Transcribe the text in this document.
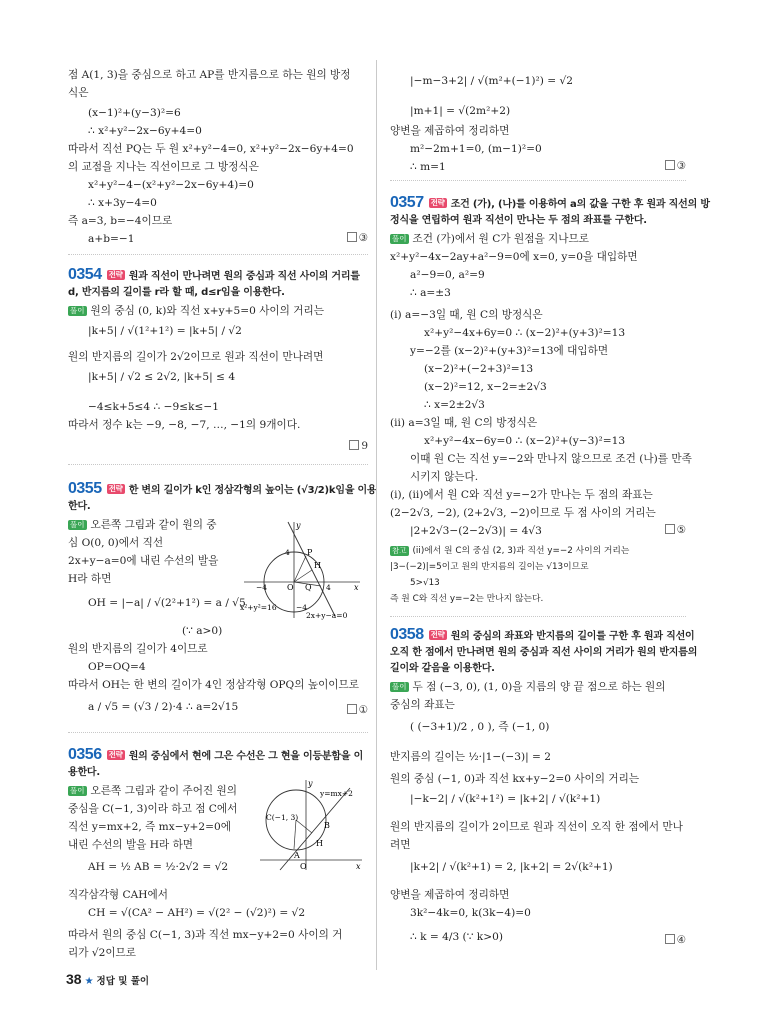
점 A(1, 3)을 중심으로 하고 AP를 반지름으로 하는 원의 방정
식은
(x−1)²+(y−3)²=6
∴ x²+y²−2x−6y+4=0
따라서 직선 PQ는 두 원 x²+y²−4=0, x²+y²−2x−6y+4=0
의 교점을 지나는 직선이므로 그 방정식은
x²+y²−4−(x²+y²−2x−6y+4)=0
∴ x+3y−4=0
즉 a=3, b=−4이므로
a+b=−1
d, 반지름의 길이를 r라 할 때, d≤r임을 이용한다.
풀이 원의 중심 (0, k)와 직선 x+y+5=0 사이의 거리는
|k+5| / √(1²+1²) = |k+5| / √2
원의 반지름의 길이가 2√2이므로 원과 직선이 만나려면
|k+5| / √2 ≤ 2√2, |k+5| ≤ 4
−4≤k+5≤4 ∴ −9≤k≤−1
따라서 정수 k는 −9, −8, −7, …, −1의 9개이다.
한다.
풀이 오른쪽 그림과 같이 원의 중
심 O(0, 0)에서 직선
2x+y−a=0에 내린 수선의 발을
H라 하면
OH = |−a| / √(2²+1²) = a / √5
(∵ a>0)
원의 반지름의 길이가 4이므로
OP=OQ=4
따라서 OH는 한 변의 길이가 4인 정삼각형 OPQ의 높이이므로
a / √5 = (√3 / 2)·4 ∴ a=2√15
용한다.
풀이 오른쪽 그림과 같이 주어진 원의
중심을 C(−1, 3)이라 하고 점 C에서
직선 y=mx+2, 즉 mx−y+2=0에
내린 수선의 발을 H라 하면
AH = ½ AB = ½·2√2 = √2
직각삼각형 CAH에서
CH = √(CA² − AH²) = √(2² − (√2)²) = √2
따라서 원의 중심 C(−1, 3)과 직선 mx−y+2=0 사이의 거
리가 √2이므로
0354 전략 원과 직선이 만나려면 원의 중심과 직선 사이의 거리를
9
0355 전략 한 변의 길이가 k인 정삼각형의 높이는 (√3/2)k임을 이용
①
0356 전략 원의 중심에서 현에 그은 수선은 그 현을 이등분함을 이
③
|−m−3+2| / √(m²+(−1)²) = √2
|m+1| = √(2m²+2)
양변을 제곱하여 정리하면
m²−2m+1=0, (m−1)²=0
∴ m=1
정식을 연립하여 원과 직선이 만나는 두 점의 좌표를 구한다.
풀이 조건 (가)에서 원 C가 원점을 지나므로
x²+y²−4x−2ay+a²−9=0에 x=0, y=0을 대입하면
a²−9=0, a²=9
∴ a=±3
(i) a=−3일 때, 원 C의 방정식은
x²+y²−4x+6y=0 ∴ (x−2)²+(y+3)²=13
y=−2를 (x−2)²+(y+3)²=13에 대입하면
(x−2)²+(−2+3)²=13
(x−2)²=12, x−2=±2√3
∴ x=2±2√3
(ii) a=3일 때, 원 C의 방정식은
x²+y²−4x−6y=0 ∴ (x−2)²+(y−3)²=13
이때 원 C는 직선 y=−2와 만나지 않으므로 조건 (나)를 만족
시키지 않는다.
(i), (ii)에서 원 C와 직선 y=−2가 만나는 두 점의 좌표는
(2−2√3, −2), (2+2√3, −2)이므로 두 점 사이의 거리는
|2+2√3−(2−2√3)| = 4√3
참고 (ii)에서 원 C의 중심 (2, 3)과 직선 y=−2 사이의 거리는
|3−(−2)|=5이고 원의 반지름의 길이는 √13이므로
5>√13
즉 원 C와 직선 y=−2는 만나지 않는다.
오직 한 점에서 만나려면 원의 중심과 직선 사이의 거리가 원의 반지름의
길이와 같음을 이용한다.
풀이 두 점 (−3, 0), (1, 0)을 지름의 양 끝 점으로 하는 원의
중심의 좌표는
( (−3+1)/2 , 0 ), 즉 (−1, 0)
반지름의 길이는 ½·|1−(−3)| = 2
원의 중심 (−1, 0)과 직선 kx+y−2=0 사이의 거리는
|−k−2| / √(k²+1²) = |k+2| / √(k²+1)
원의 반지름의 길이가 2이므로 원과 직선이 오직 한 점에서 만나
려면
|k+2| / √(k²+1) = 2, |k+2| = 2√(k²+1)
양변을 제곱하여 정리하면
3k²−4k=0, k(3k−4)=0
∴ k = 4/3 (∵ k>0)
0357 전략 조건 (가), (나)를 이용하여 a의 값을 구한 후 원과 직선의 방
⑤
0358 전략 원의 중심의 좌표와 반지름의 길이를 구한 후 원과 직선이
④
③
y
P
H
4
−4 O Q 4	x
x²+y²=16	−4
2x+y−a=0
y
y=mx+2
C(−1, 3)
B
H
A
O	x
38 ★ 정답 및 풀이
